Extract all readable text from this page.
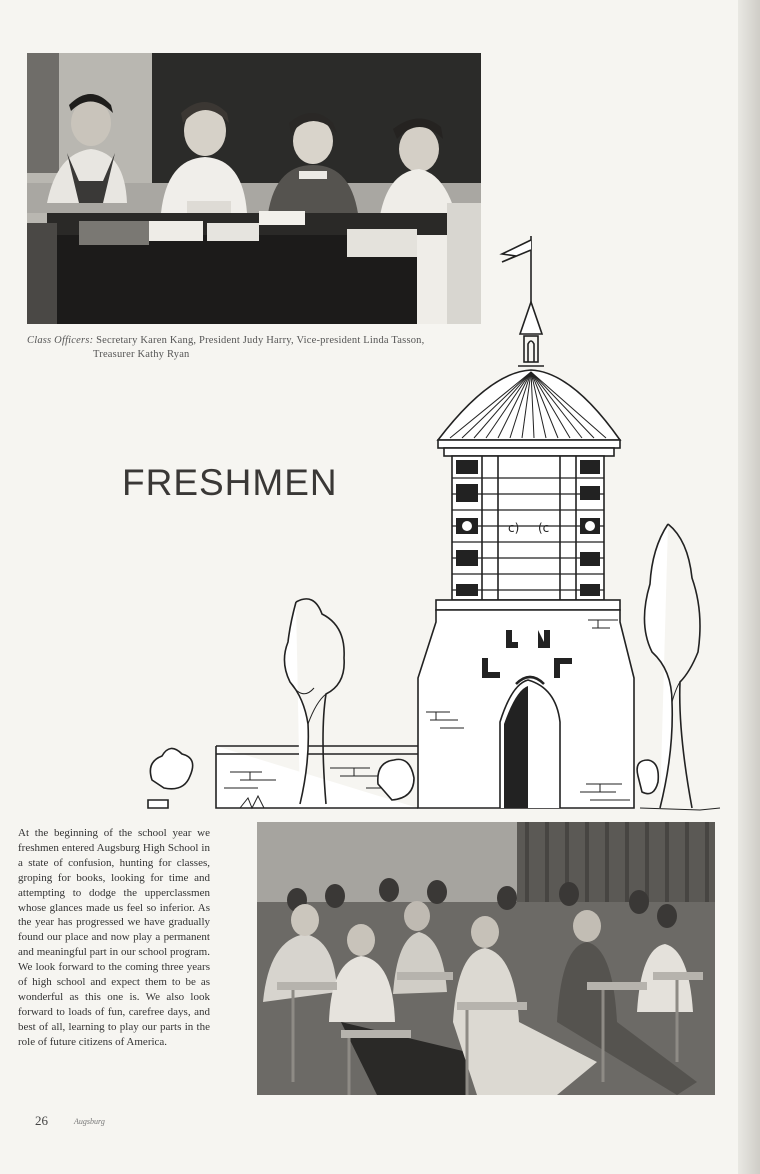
Class Officers: Secretary Karen Kang, President Judy Harry, Vice-president Linda Tasson,
Treasurer Kathy Ryan
FRESHMEN
c) (c
At the beginning of the school year we freshmen entered Augsburg High School in a state of confusion, hunting for classes, groping for books, looking for time and attempting to dodge the upperclassmen whose glances made us feel so inferior. As the year has progressed we have gradually found our place and now play a permanent and meaningful part in our school program. We look forward to the coming three years of high school and expect them to be as wonderful as this one is. We also look forward to loads of fun, carefree days, and best of all, learning to play our parts in the role of future citizens of America.
26	Augsburg
